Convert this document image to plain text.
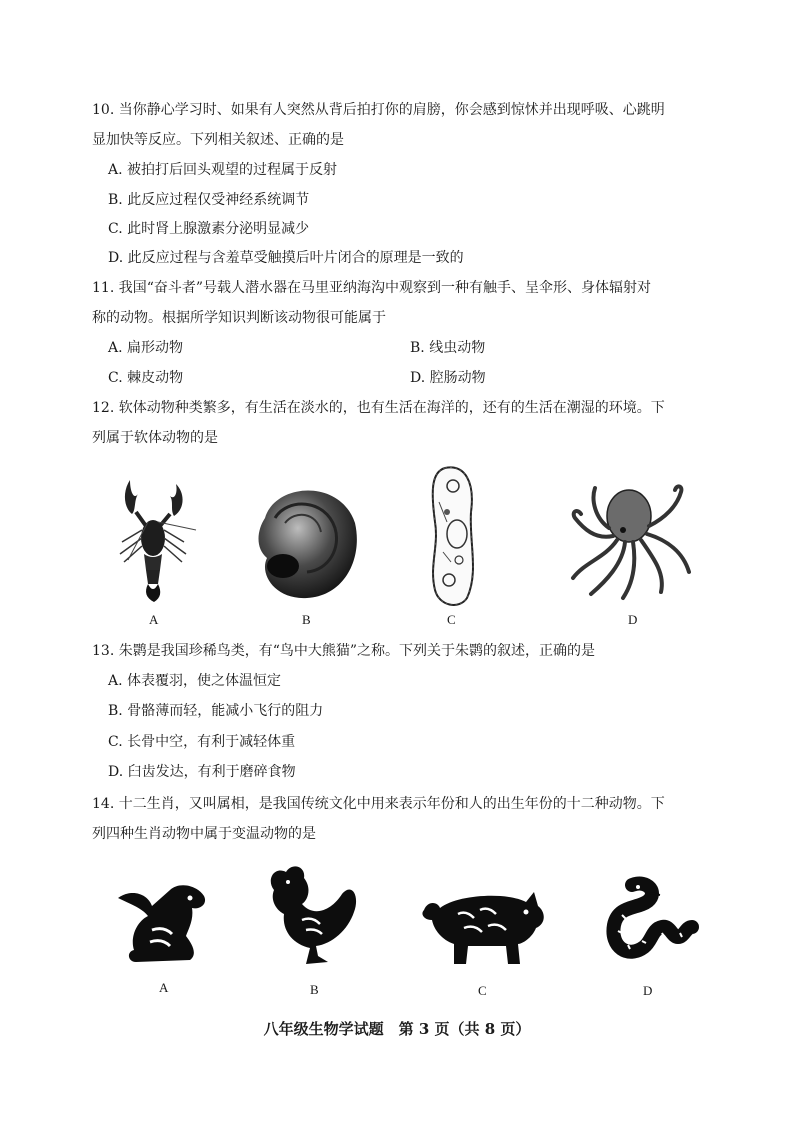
10. 当你静心学习时、如果有人突然从背后拍打你的肩膀，你会感到惊怵并出现呼吸、心跳明
显加快等反应。下列相关叙述、正确的是
A. 被拍打后回头观望的过程属于反射
B. 此反应过程仅受神经系统调节
C. 此时肾上腺激素分泌明显减少
D. 此反应过程与含羞草受触摸后叶片闭合的原理是一致的
11. 我国“奋斗者”号载人潜水器在马里亚纳海沟中观察到一种有触手、呈伞形、身体辐射对
称的动物。根据所学知识判断该动物很可能属于
A. 扁形动物	B. 线虫动物
C. 棘皮动物	D. 腔肠动物
12. 软体动物种类繁多，有生活在淡水的，也有生活在海洋的，还有的生活在潮湿的环境。下
列属于软体动物的是
A	B	C	D
13. 朱鹮是我国珍稀鸟类，有“鸟中大熊猫”之称。下列关于朱鹮的叙述，正确的是
A. 体表覆羽，使之体温恒定
B. 骨骼薄而轻，能减小飞行的阻力
C. 长骨中空，有利于减轻体重
D. 臼齿发达，有利于磨碎食物
14. 十二生肖，又叫属相，是我国传统文化中用来表示年份和人的出生年份的十二种动物。下
列四种生肖动物中属于变温动物的是
A	B	C	D
八年级生物学试题　第 3 页（共 8 页）
